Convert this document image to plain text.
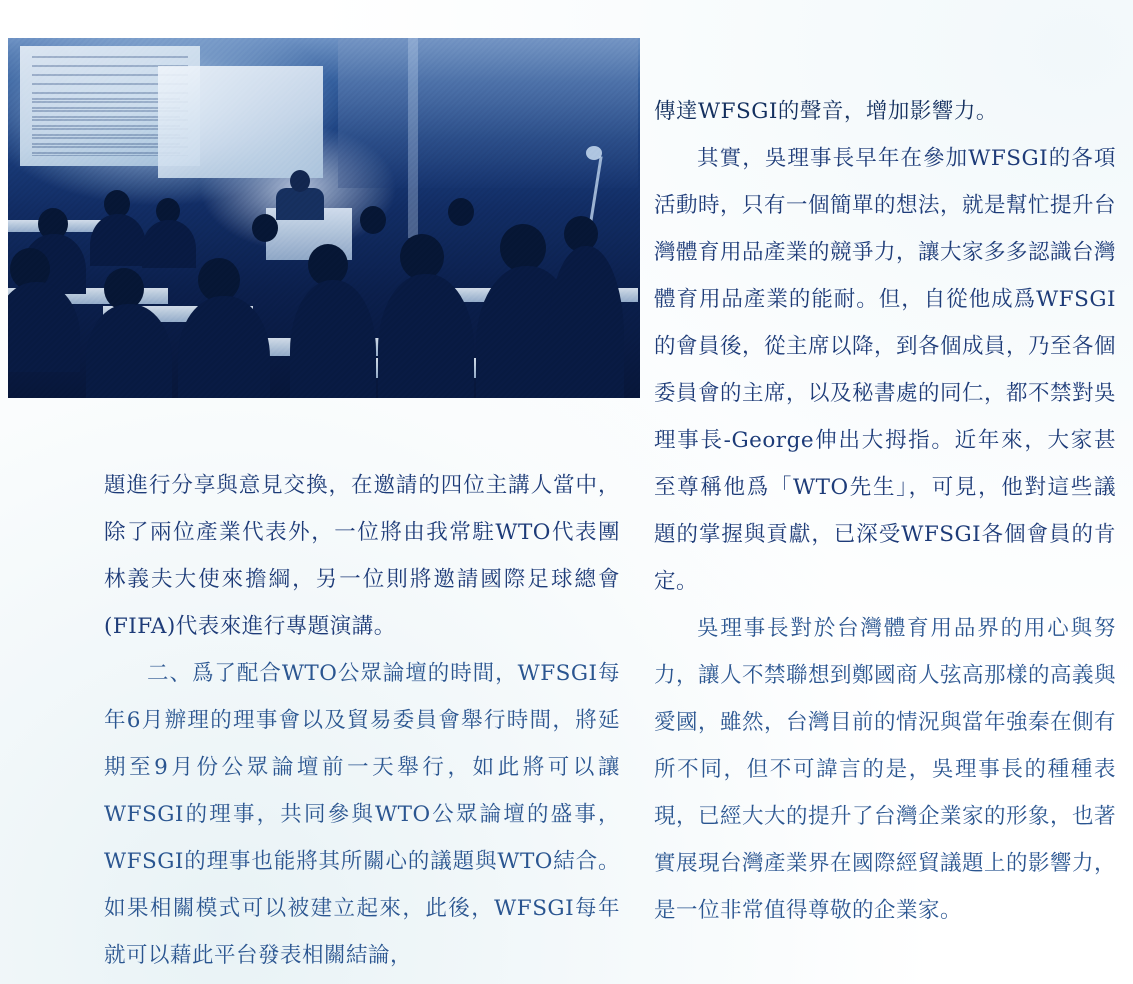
題進行分享與意見交換，在邀請的四位主講人當中，除了兩位產業代表外，一位將由我常駐WTO代表團林義夫大使來擔綱，另一位則將邀請國際足球總會(FIFA)代表來進行專題演講。

二、爲了配合WTO公眾論壇的時間，WFSGI每年6月辦理的理事會以及貿易委員會舉行時間，將延期至9月份公眾論壇前一天舉行，如此將可以讓WFSGI的理事，共同參與WTO公眾論壇的盛事，WFSGI的理事也能將其所關心的議題與WTO結合。如果相關模式可以被建立起來，此後，WFSGI每年就可以藉此平台發表相關結論，

傳達WFSGI的聲音，增加影響力。

其實，吳理事長早年在參加WFSGI的各項活動時，只有一個簡單的想法，就是幫忙提升台灣體育用品產業的競爭力，讓大家多多認識台灣體育用品產業的能耐。但，自從他成爲WFSGI的會員後，從主席以降，到各個成員，乃至各個委員會的主席，以及秘書處的同仁，都不禁對吳理事長-George伸出大拇指。近年來，大家甚至尊稱他爲「WTO先生」，可見，他對這些議題的掌握與貢獻，已深受WFSGI各個會員的肯定。

吳理事長對於台灣體育用品界的用心與努力，讓人不禁聯想到鄭國商人弦高那樣的高義與愛國，雖然，台灣目前的情況與當年強秦在側有所不同，但不可諱言的是，吳理事長的種種表現，已經大大的提升了台灣企業家的形象，也著實展現台灣產業界在國際經貿議題上的影響力，是一位非常值得尊敬的企業家。
